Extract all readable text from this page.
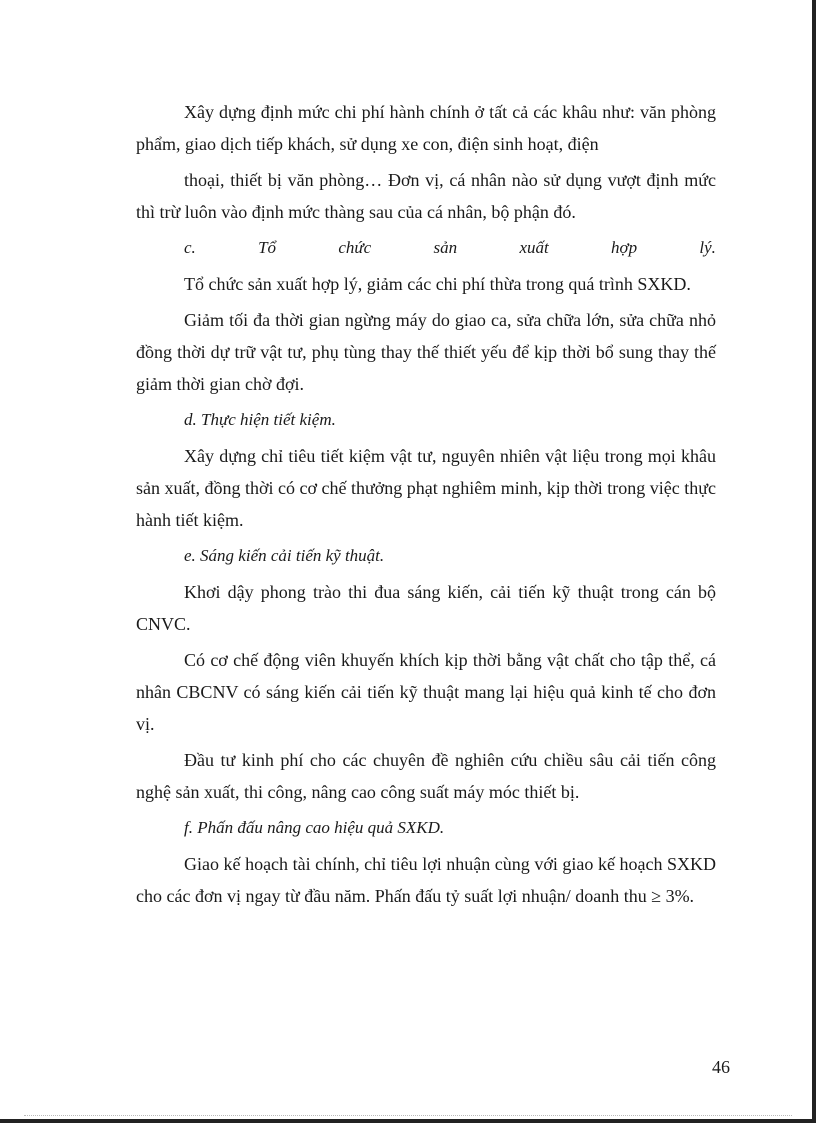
Xây dựng định mức chi phí hành chính ở tất cả các khâu như: văn phòng phẩm, giao dịch tiếp khách, sử dụng xe con, điện sinh hoạt, điện

thoại, thiết bị văn phòng… Đơn vị, cá nhân nào sử dụng vượt định mức thì trừ luôn vào định mức thàng sau của cá nhân, bộ phận đó.

c.	Tổ	chức	sản	xuất	hợp	lý.

Tổ chức sản xuất hợp lý, giảm các chi phí thừa trong quá trình SXKD.

Giảm tối đa thời gian ngừng máy do giao ca, sửa chữa lớn, sửa chữa nhỏ đồng thời dự trữ vật tư, phụ tùng thay thế thiết yếu để kịp thời bổ sung thay thế giảm thời gian chờ đợi.

d. Thực hiện tiết kiệm.

Xây dựng chỉ tiêu tiết kiệm vật tư, nguyên nhiên vật liệu trong mọi khâu sản xuất, đồng thời có cơ chế thưởng phạt nghiêm minh, kịp thời trong việc thực hành tiết kiệm.

e. Sáng kiến cải tiến kỹ thuật.

Khơi dậy phong trào thi đua sáng kiến, cải tiến kỹ thuật trong cán bộ CNVC.

Có cơ chế động viên khuyến khích kịp thời bằng vật chất cho tập thể, cá nhân CBCNV có sáng kiến cải tiến kỹ thuật mang lại hiệu quả kinh tế cho đơn vị.

Đầu tư kinh phí cho các chuyên đề nghiên cứu chiều sâu cải tiến công nghệ sản xuất, thi công, nâng cao công suất máy móc thiết bị.

f. Phấn đấu nâng cao hiệu quả SXKD.

Giao kế hoạch tài chính, chỉ tiêu lợi nhuận cùng với giao kế hoạch SXKD cho các đơn vị ngay từ đầu năm. Phấn đấu tỷ suất lợi nhuận/ doanh thu ≥ 3%.

46
